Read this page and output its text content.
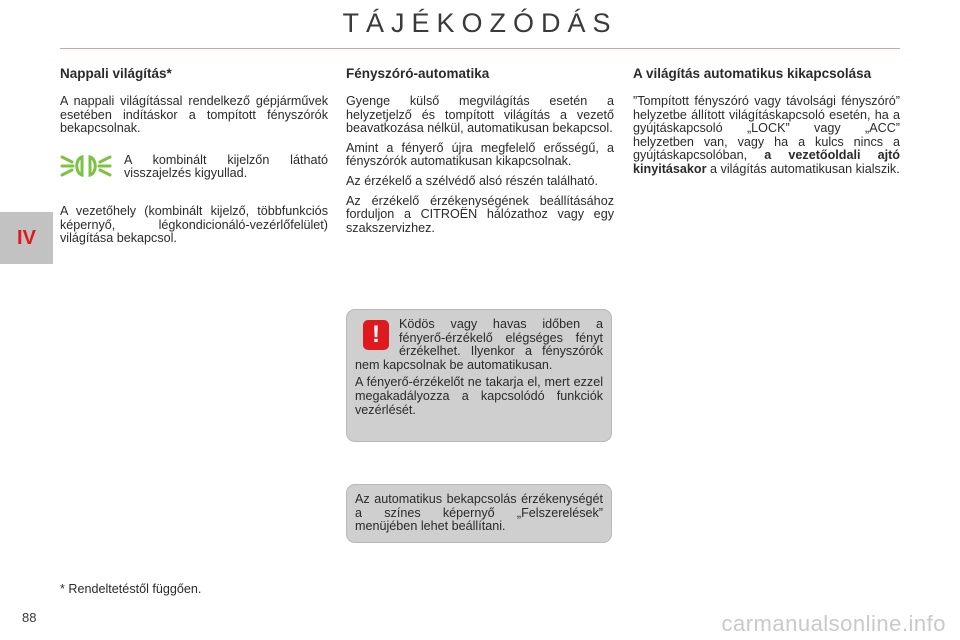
TÁJÉKOZÓDÁS
IV
Nappali világítás*

A nappali világítással rendelkező gépjárművek esetében indításkor a tompított fényszórók bekapcsolnak.

A kombinált kijelzőn látható visszajelzés kigyullad.

A vezetőhely (kombinált kijelző, többfunkciós képernyő, légkondicionáló-vezérlőfelület) világítása bekapcsol.

Fényszóró-automatika

Gyenge külső megvilágítás esetén a helyzetjelző és tompított világítás a vezető beavatkozása nélkül, automatikusan bekapcsol.

Amint a fényerő újra megfelelő erősségű, a fényszórók automatikusan kikapcsolnak.

Az érzékelő a szélvédő alsó részén található.

Az érzékelő érzékenységének beállításához forduljon a CITROËN hálózathoz vagy egy szakszervizhez.

A világítás automatikus kikapcsolása

”Tompított fényszóró vagy távolsági fényszóró” helyzetbe állított világításkapcsoló esetén, ha a gyújtáskapcsoló „LOCK” vagy „ACC” helyzetben van, vagy ha a kulcs nincs a gyújtáskapcsolóban, a vezetőoldali ajtó kinyitásakor a világítás automatikusan kialszik.

!	Ködös vagy havas időben a fényerő-érzékelő elégséges fényt érzékelhet. Ilyenkor a fényszórók nem kapcsolnak be automatikusan.

A fényerő-érzékelőt ne takarja el, mert ezzel megakadályozza a kapcsolódó funkciók vezérlését.

Az automatikus bekapcsolás érzékenységét a színes képernyő „Felszerelések” menüjében lehet beállítani.

* Rendeltetéstől függően.
88	carmanualsonline.info
